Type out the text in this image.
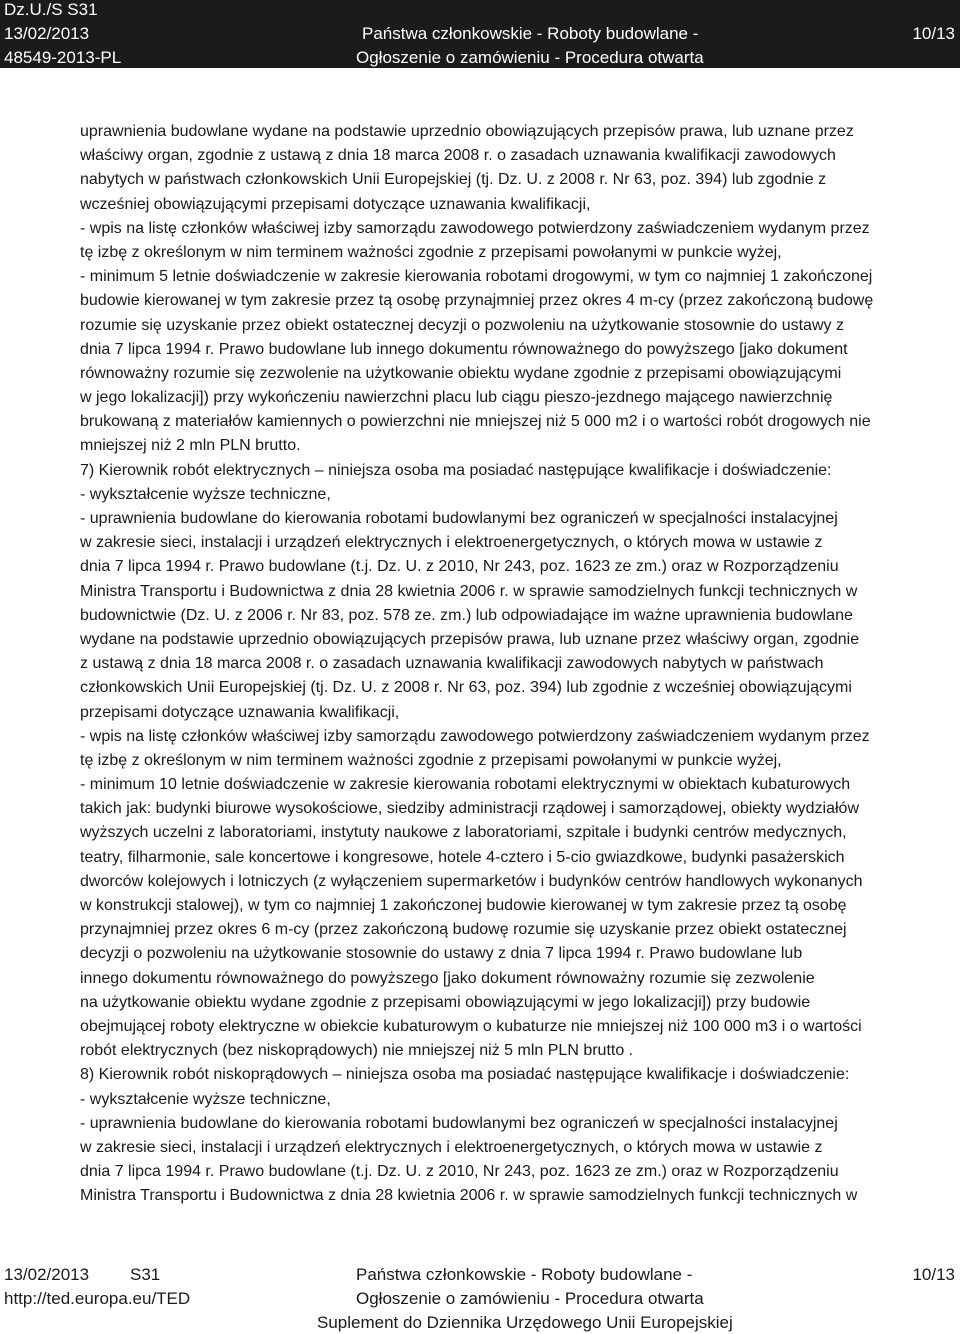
Dz.U./S S31
13/02/2013
48549-2013-PL
Państwa członkowskie - Roboty budowlane -
Ogłoszenie o zamówieniu - Procedura otwarta
10/13
uprawnienia budowlane wydane na podstawie uprzednio obowiązujących przepisów prawa, lub uznane przez
właściwy organ, zgodnie z ustawą z dnia 18 marca 2008 r. o zasadach uznawania kwalifikacji zawodowych
nabytych w państwach członkowskich Unii Europejskiej (tj. Dz. U. z 2008 r. Nr 63, poz. 394) lub zgodnie z
wcześniej obowiązującymi przepisami dotyczące uznawania kwalifikacji,
- wpis na listę członków właściwej izby samorządu zawodowego potwierdzony zaświadczeniem wydanym przez
tę izbę z określonym w nim terminem ważności zgodnie z przepisami powołanymi w punkcie wyżej,
- minimum 5 letnie doświadczenie w zakresie kierowania robotami drogowymi, w tym co najmniej 1 zakończonej
budowie kierowanej w tym zakresie przez tą osobę przynajmniej przez okres 4 m-cy (przez zakończoną budowę
rozumie się uzyskanie przez obiekt ostatecznej decyzji o pozwoleniu na użytkowanie stosownie do ustawy z
dnia 7 lipca 1994 r. Prawo budowlane lub innego dokumentu równoważnego do powyższego [jako dokument
równoważny rozumie się zezwolenie na użytkowanie obiektu wydane zgodnie z przepisami obowiązującymi
w jego lokalizacji]) przy wykończeniu nawierzchni placu lub ciągu pieszo-jezdnego mającego nawierzchnię
brukowaną z materiałów kamiennych o powierzchni nie mniejszej niż 5 000 m2 i o wartości robót drogowych nie
mniejszej niż 2 mln PLN brutto.
7) Kierownik robót elektrycznych – niniejsza osoba ma posiadać następujące kwalifikacje i doświadczenie:
- wykształcenie wyższe techniczne,
- uprawnienia budowlane do kierowania robotami budowlanymi bez ograniczeń w specjalności instalacyjnej
w zakresie sieci, instalacji i urządzeń elektrycznych i elektroenergetycznych, o których mowa w ustawie z
dnia 7 lipca 1994 r. Prawo budowlane (t.j. Dz. U. z 2010, Nr 243, poz. 1623 ze zm.) oraz w Rozporządzeniu
Ministra Transportu i Budownictwa z dnia 28 kwietnia 2006 r. w sprawie samodzielnych funkcji technicznych w
budownictwie (Dz. U. z 2006 r. Nr 83, poz. 578 ze. zm.) lub odpowiadające im ważne uprawnienia budowlane
wydane na podstawie uprzednio obowiązujących przepisów prawa, lub uznane przez właściwy organ, zgodnie
z ustawą z dnia 18 marca 2008 r. o zasadach uznawania kwalifikacji zawodowych nabytych w państwach
członkowskich Unii Europejskiej (tj. Dz. U. z 2008 r. Nr 63, poz. 394) lub zgodnie z wcześniej obowiązującymi
przepisami dotyczące uznawania kwalifikacji,
- wpis na listę członków właściwej izby samorządu zawodowego potwierdzony zaświadczeniem wydanym przez
tę izbę z określonym w nim terminem ważności zgodnie z przepisami powołanymi w punkcie wyżej,
- minimum 10 letnie doświadczenie w zakresie kierowania robotami elektrycznymi w obiektach kubaturowych
takich jak: budynki biurowe wysokościowe, siedziby administracji rządowej i samorządowej, obiekty wydziałów
wyższych uczelni z laboratoriami, instytuty naukowe z laboratoriami, szpitale i budynki centrów medycznych,
teatry, filharmonie, sale koncertowe i kongresowe, hotele 4-cztero i 5-cio gwiazdkowe, budynki pasażerskich
dworców kolejowych i lotniczych (z wyłączeniem supermarketów i budynków centrów handlowych wykonanych
w konstrukcji stalowej), w tym co najmniej 1 zakończonej budowie kierowanej w tym zakresie przez tą osobę
przynajmniej przez okres 6 m-cy (przez zakończoną budowę rozumie się uzyskanie przez obiekt ostatecznej
decyzji o pozwoleniu na użytkowanie stosownie do ustawy z dnia 7 lipca 1994 r. Prawo budowlane lub
innego dokumentu równoważnego do powyższego [jako dokument równoważny rozumie się zezwolenie
na użytkowanie obiektu wydane zgodnie z przepisami obowiązującymi w jego lokalizacji]) przy budowie
obejmującej roboty elektryczne w obiekcie kubaturowym o kubaturze nie mniejszej niż 100 000 m3 i o wartości
robót elektrycznych (bez niskoprądowych) nie mniejszej niż 5 mln PLN brutto .
8) Kierownik robót niskoprądowych – niniejsza osoba ma posiadać następujące kwalifikacje i doświadczenie:
- wykształcenie wyższe techniczne,
- uprawnienia budowlane do kierowania robotami budowlanymi bez ograniczeń w specjalności instalacyjnej
w zakresie sieci, instalacji i urządzeń elektrycznych i elektroenergetycznych, o których mowa w ustawie z
dnia 7 lipca 1994 r. Prawo budowlane (t.j. Dz. U. z 2010, Nr 243, poz. 1623 ze zm.) oraz w Rozporządzeniu
Ministra Transportu i Budownictwa z dnia 28 kwietnia 2006 r. w sprawie samodzielnych funkcji technicznych w
13/02/2013 S31
http://ted.europa.eu/TED
Państwa członkowskie - Roboty budowlane -
Ogłoszenie o zamówieniu - Procedura otwarta
Suplement do Dziennika Urzędowego Unii Europejskiej
10/13
